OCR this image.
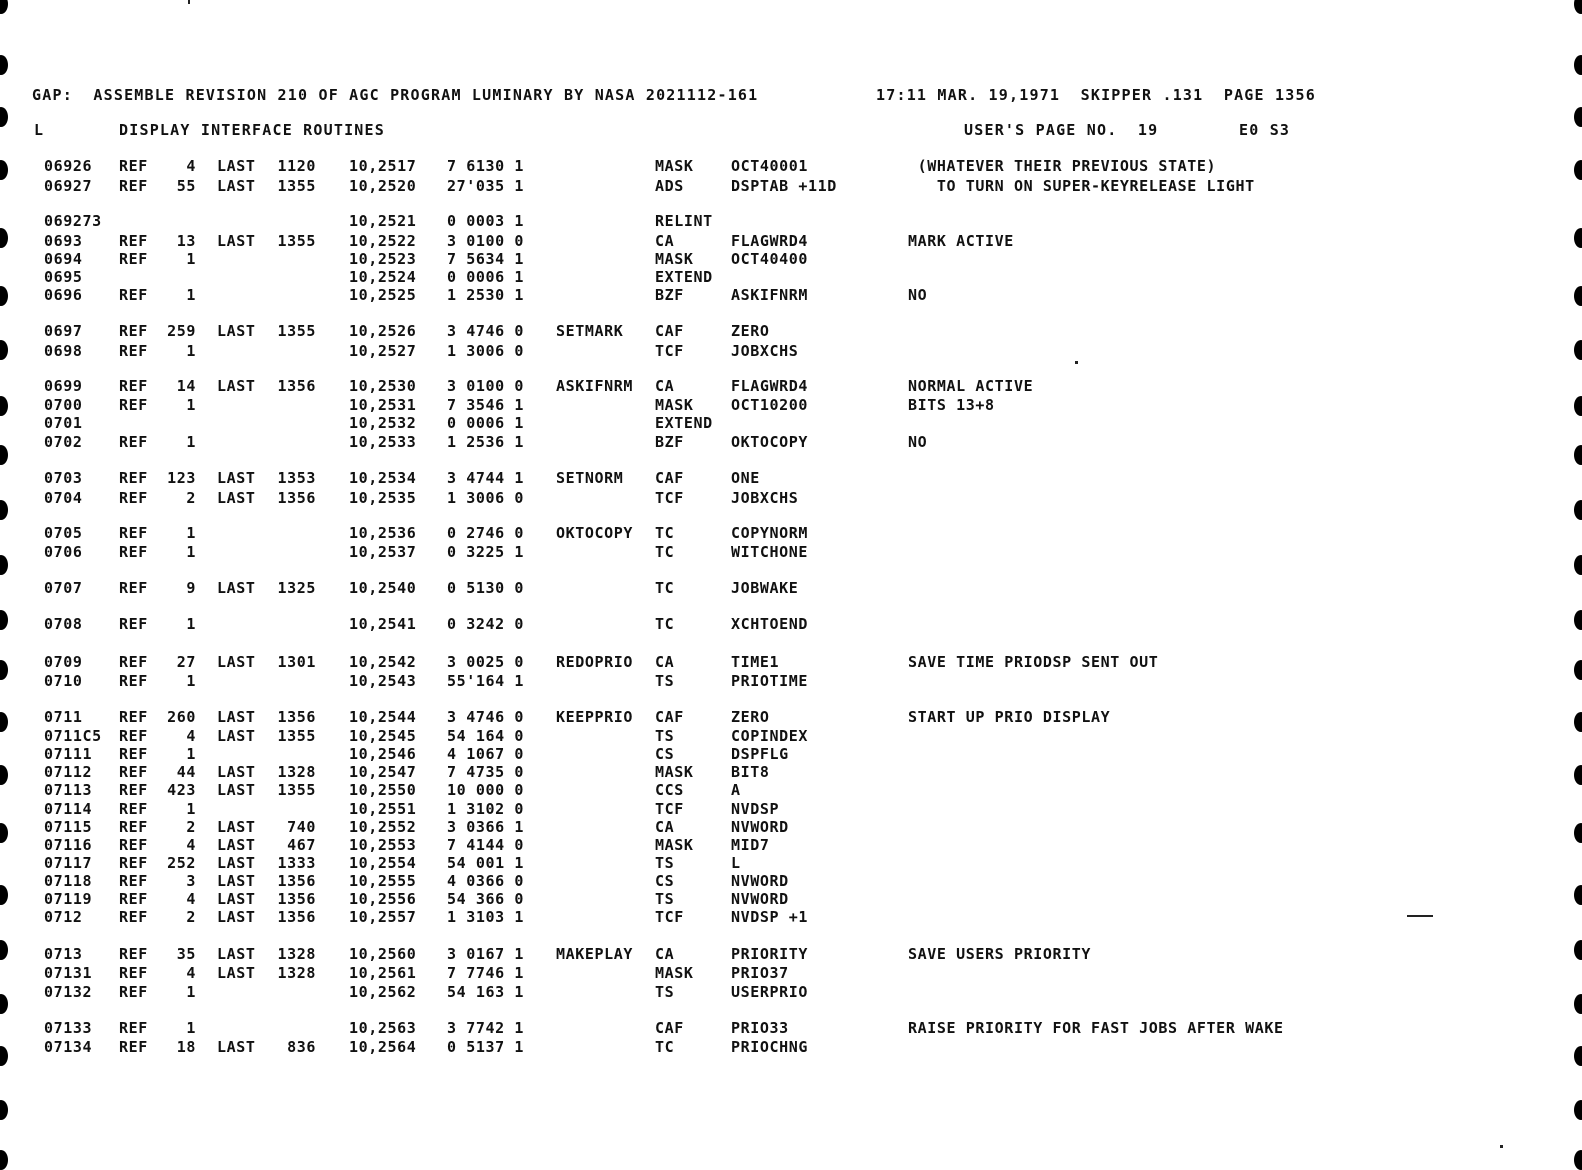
GAP:  ASSEMBLE REVISION 210 OF AGC PROGRAM LUMINARY BY NASA 2021112-161	17:11 MAR. 19,1971  SKIPPER .131  PAGE 1356
L	DISPLAY INTERFACE ROUTINES	USER'S PAGE NO.  19	E0 S3
06926 REF	4 LAST 1120 10,2517 7 6130 1	MASK OCT40001	(WHATEVER THEIR PREVIOUS STATE)
06927 REF 55 LAST 1355 10,2520 27'035 1	ADS	DSPTAB +11D	TO TURN ON SUPER-KEYRELEASE LIGHT
069273	10,2521 0 0003 1	RELINT
0693 REF 13 LAST 1355 10,2522 3 0100 0	CA	FLAGWRD4	MARK ACTIVE
0694 REF	1	10,2523 7 5634 1	MASK OCT40400
0695	10,2524 0 0006 1	EXTEND
0696 REF	1	10,2525 1 2530 1	BZF	ASKIFNRM	NO
0697 REF 259 LAST 1355 10,2526 3 4746 0 SETMARK CAF	ZERO
0698 REF	1	10,2527 1 3006 0	TCF	JOBXCHS
0699 REF 14 LAST 1356 10,2530 3 0100 0 ASKIFNRM CA	FLAGWRD4	NORMAL ACTIVE
0700 REF	1	10,2531 7 3546 1	MASK OCT10200	BITS 13+8
0701	10,2532 0 0006 1	EXTEND
0702 REF	1	10,2533 1 2536 1	BZF	OKTOCOPY	NO
0703 REF 123 LAST 1353 10,2534 3 4744 1 SETNORM CAF	ONE
0704 REF	2 LAST 1356 10,2535 1 3006 0	TCF	JOBXCHS
0705 REF	1	10,2536 0 2746 0 OKTOCOPY TC	COPYNORM
0706 REF	1	10,2537 0 3225 1	TC	WITCHONE
0707 REF	9 LAST 1325 10,2540 0 5130 0	TC	JOBWAKE
0708 REF	1	10,2541 0 3242 0	TC	XCHTOEND
0709 REF 27 LAST 1301 10,2542 3 0025 0 REDOPRIO CA	TIME1	SAVE TIME PRIODSP SENT OUT
0710 REF	1	10,2543 55'164 1	TS	PRIOTIME
0711 REF 260 LAST 1356 10,2544 3 4746 0 KEEPPRIO CAF	ZERO	START UP PRIO DISPLAY
0711C5 REF	4 LAST 1355 10,2545 54 164 0	TS	COPINDEX
07111 REF	1	10,2546 4 1067 0	CS	DSPFLG
07112 REF 44 LAST 1328 10,2547 7 4735 0	MASK BIT8
07113 REF 423 LAST 1355 10,2550 10 000 0	CCS	A
07114 REF	1	10,2551 1 3102 0	TCF	NVDSP
07115 REF	2 LAST 740 10,2552 3 0366 1	CA	NVWORD
07116 REF	4 LAST 467 10,2553 7 4144 0	MASK MID7
07117 REF 252 LAST 1333 10,2554 54 001 1	TS	L
07118 REF	3 LAST 1356 10,2555 4 0366 0	CS	NVWORD
07119 REF	4 LAST 1356 10,2556 54 366 0	TS	NVWORD
0712 REF	2 LAST 1356 10,2557 1 3103 1	TCF	NVDSP +1
0713 REF 35 LAST 1328 10,2560 3 0167 1 MAKEPLAY CA	PRIORITY	SAVE USERS PRIORITY
07131 REF	4 LAST 1328 10,2561 7 7746 1	MASK PRIO37
07132 REF	1	10,2562 54 163 1	TS	USERPRIO
07133 REF	1	10,2563 3 7742 1	CAF	PRIO33	RAISE PRIORITY FOR FAST JOBS AFTER WAKE
07134 REF 18 LAST 836 10,2564 0 5137 1	TC	PRIOCHNG
